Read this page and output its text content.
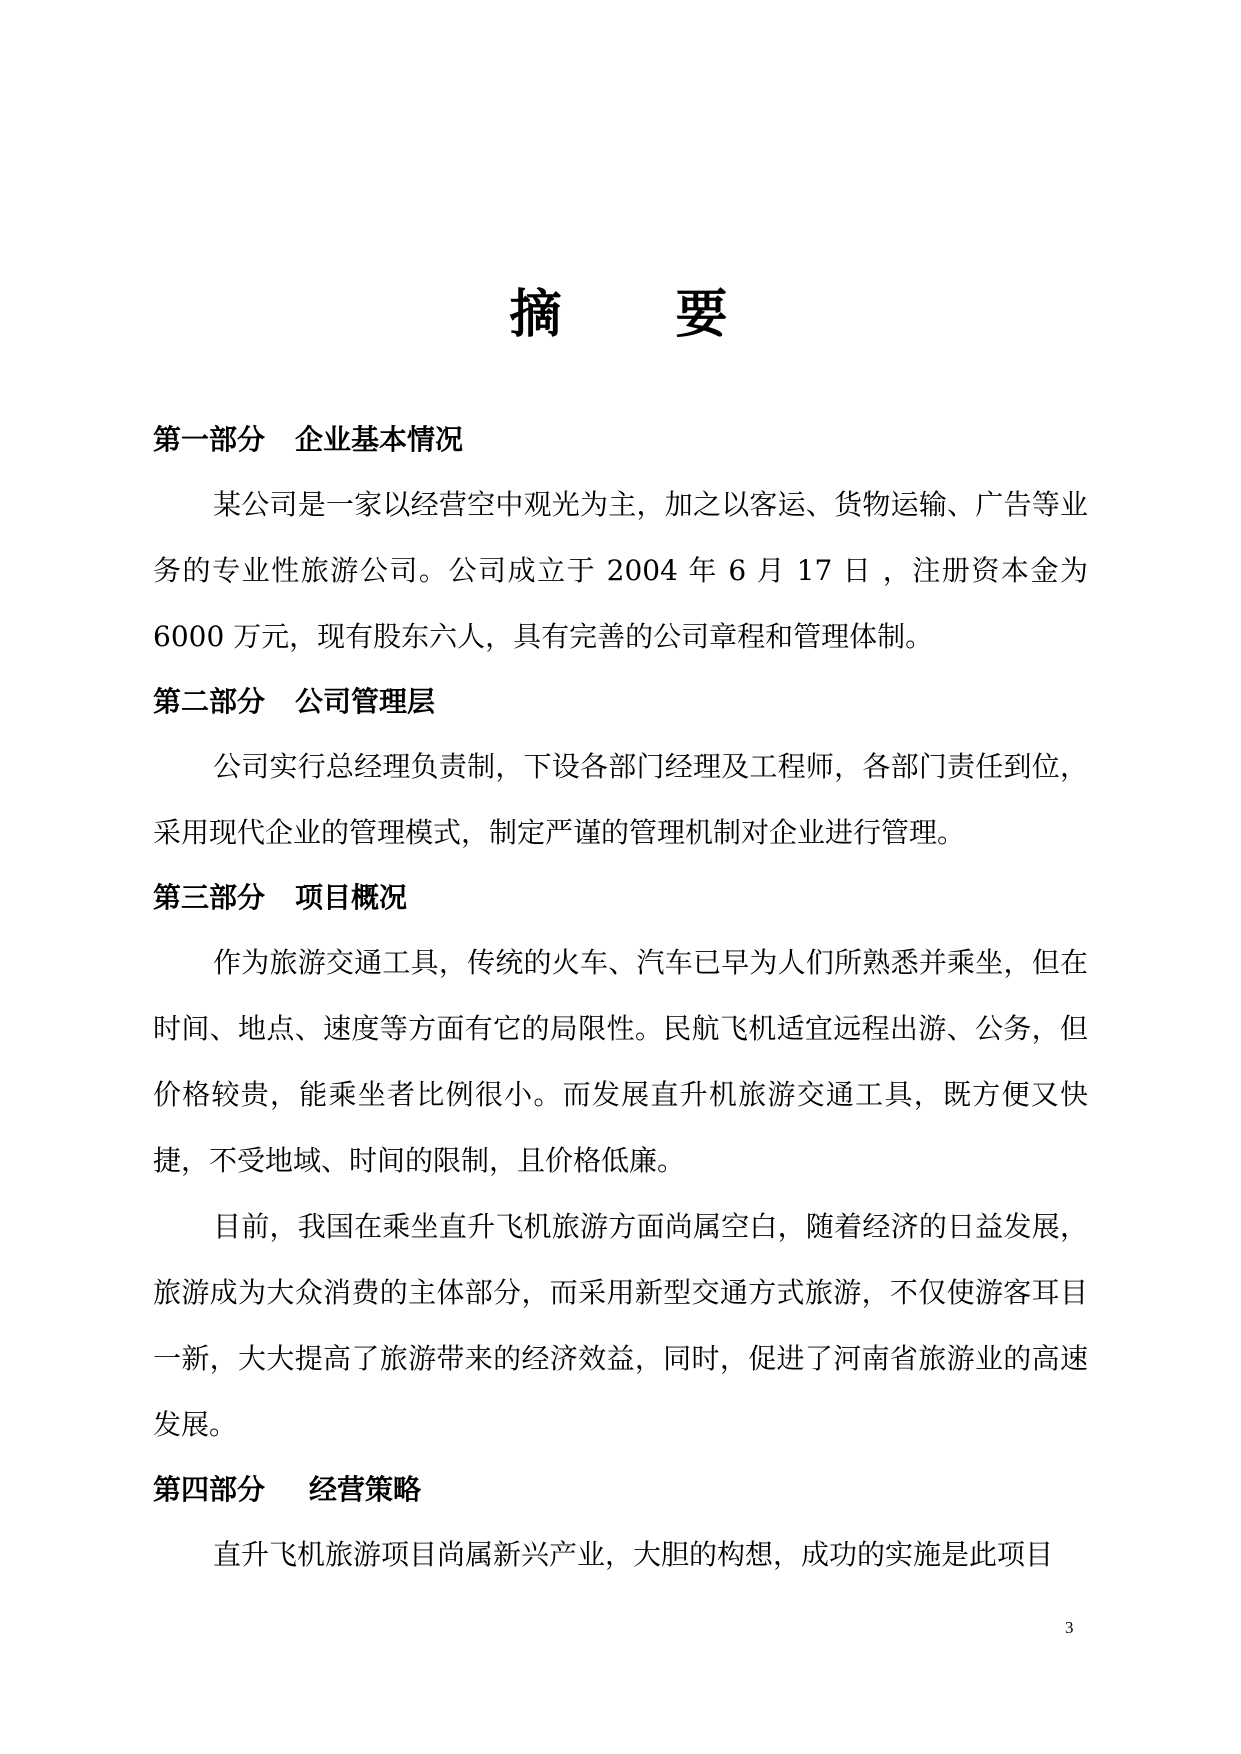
摘 要

第一部分 企业基本情况

某公司是一家以经营空中观光为主，加之以客运、货物运输、广告等业务的专业性旅游公司。公司成立于 2004 年 6 月 17 日 ，注册资本金为 6000 万元，现有股东六人，具有完善的公司章程和管理体制。

第二部分 公司管理层

公司实行总经理负责制，下设各部门经理及工程师，各部门责任到位，采用现代企业的管理模式，制定严谨的管理机制对企业进行管理。

第三部分 项目概况

作为旅游交通工具，传统的火车、汽车已早为人们所熟悉并乘坐，但在时间、地点、速度等方面有它的局限性。民航飞机适宜远程出游、公务，但价格较贵，能乘坐者比例很小。而发展直升机旅游交通工具，既方便又快捷，不受地域、时间的限制，且价格低廉。

目前，我国在乘坐直升飞机旅游方面尚属空白，随着经济的日益发展，旅游成为大众消费的主体部分，而采用新型交通方式旅游，不仅使游客耳目一新，大大提高了旅游带来的经济效益，同时，促进了河南省旅游业的高速发展。

第四部分 经营策略

直升飞机旅游项目尚属新兴产业，大胆的构想，成功的实施是此项目

3
